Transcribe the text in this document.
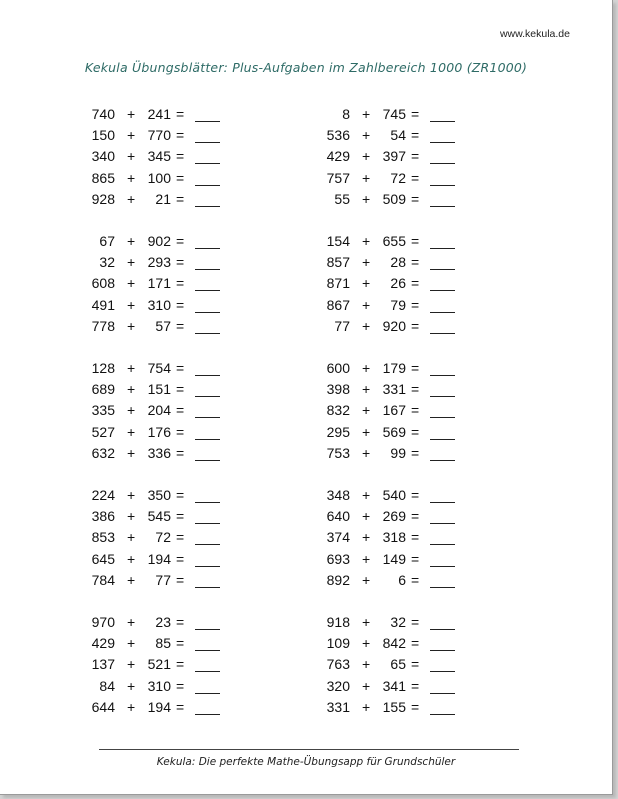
www.kekula.de
Kekula Übungsblätter: Plus-Aufgaben im Zahlbereich 1000 (ZR1000)
740 + 241 =
150 + 770 =
340 + 345 =
865 + 100 =
928 +	21 =
67 + 902 =
32 + 293 =
608 + 171 =
491 + 310 =
778 +	57 =
128 + 754 =
689 + 151 =
335 + 204 =
527 + 176 =
632 + 336 =
224 + 350 =
386 + 545 =
853 +	72 =
645 + 194 =
784 +	77 =
970 +	23 =
429 +	85 =
137 + 521 =
84 + 310 =
644 + 194 =
8 + 745 =
536 +	54 =
429 + 397 =
757 +	72 =
55 + 509 =
154 + 655 =
857 +	28 =
871 +	26 =
867 +	79 =
77 + 920 =
600 + 179 =
398 + 331 =
832 + 167 =
295 + 569 =
753 +	99 =
348 + 540 =
640 + 269 =
374 + 318 =
693 + 149 =
892 +	6 =
918 +	32 =
109 + 842 =
763 +	65 =
320 + 341 =
331 + 155 =
Kekula: Die perfekte Mathe-Übungsapp für Grundschüler
